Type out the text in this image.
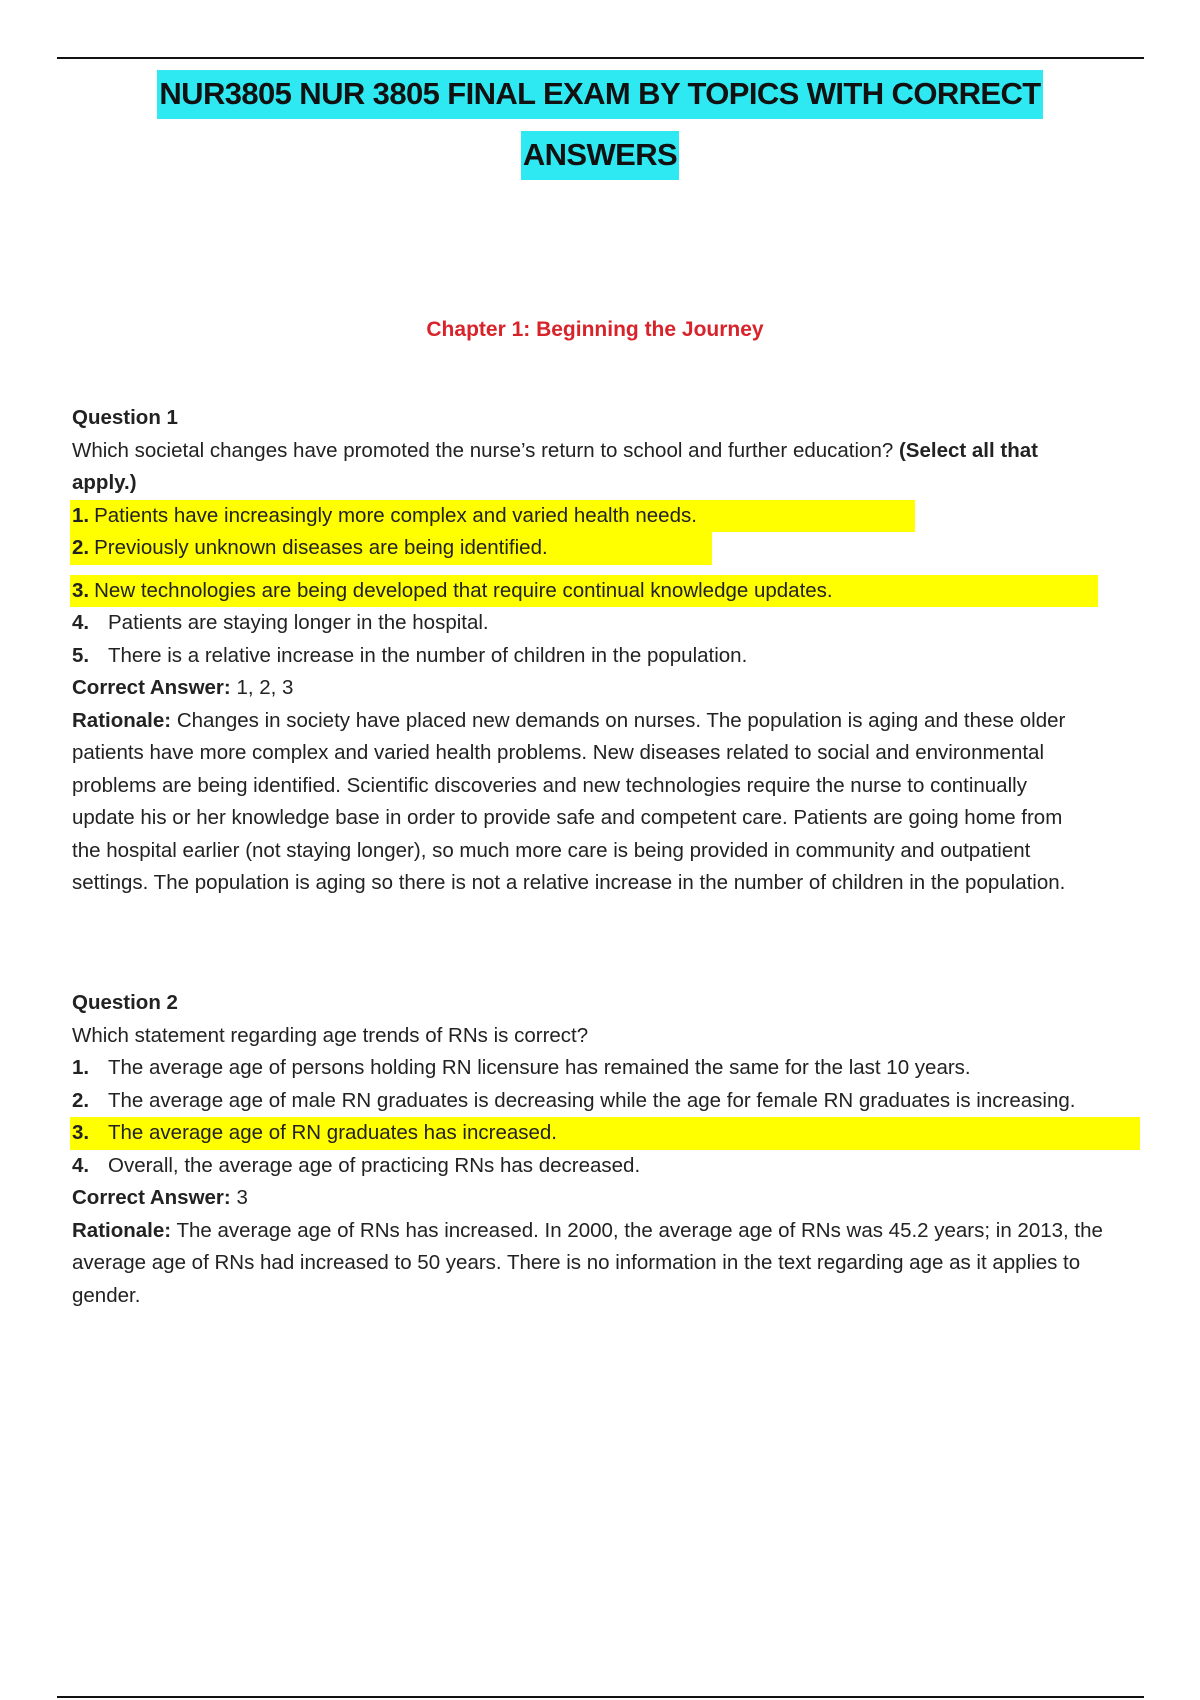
NUR3805 NUR 3805 FINAL EXAM BY TOPICS WITH CORRECT
ANSWERS
Chapter 1: Beginning the Journey
Question 1
Which societal changes have promoted the nurse’s return to school and further education? (Select all that
apply.)
1. Patients have increasingly more complex and varied health needs.
2. Previously unknown diseases are being identified.
3. New technologies are being developed that require continual knowledge updates.
4. Patients are staying longer in the hospital.
5. There is a relative increase in the number of children in the population.
Correct Answer: 1, 2, 3
Rationale: Changes in society have placed new demands on nurses. The population is aging and these older
patients have more complex and varied health problems. New diseases related to social and environmental
problems are being identified. Scientific discoveries and new technologies require the nurse to continually
update his or her knowledge base in order to provide safe and competent care. Patients are going home from
the hospital earlier (not staying longer), so much more care is being provided in community and outpatient
settings. The population is aging so there is not a relative increase in the number of children in the population.
Question 2
Which statement regarding age trends of RNs is correct?
1. The average age of persons holding RN licensure has remained the same for the last 10 years.
2. The average age of male RN graduates is decreasing while the age for female RN graduates is increasing.
3. The average age of RN graduates has increased.
4. Overall, the average age of practicing RNs has decreased.
Correct Answer: 3
Rationale: The average age of RNs has increased. In 2000, the average age of RNs was 45.2 years; in 2013, the
average age of RNs had increased to 50 years. There is no information in the text regarding age as it applies to
gender.
